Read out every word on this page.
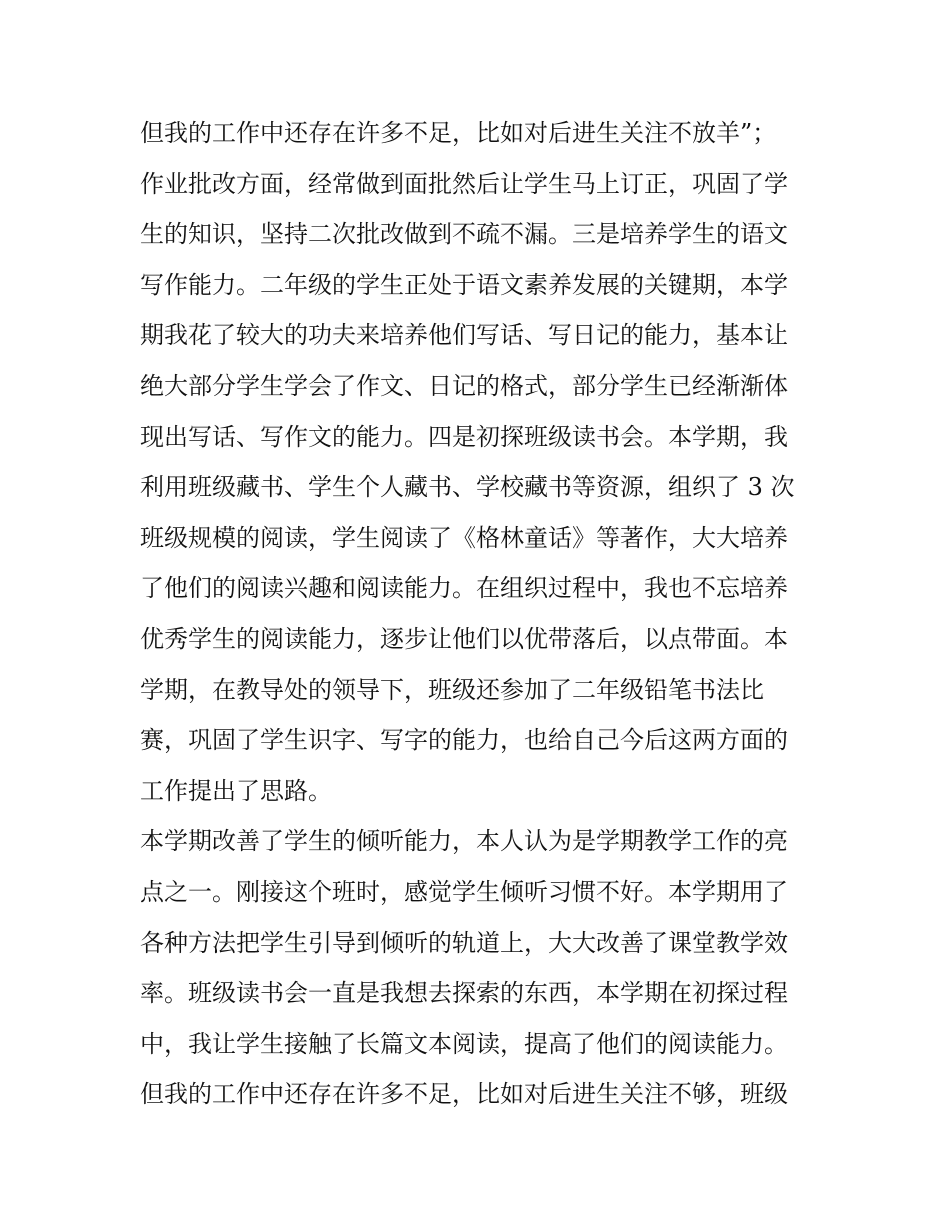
但我的工作中还存在许多不足，比如对后进生关注不放羊”；

作业批改方面，经常做到面批然后让学生马上订正，巩固了学

生的知识，坚持二次批改做到不疏不漏。三是培养学生的语文

写作能力。二年级的学生正处于语文素养发展的关键期，本学

期我花了较大的功夫来培养他们写话、写日记的能力，基本让

绝大部分学生学会了作文、日记的格式，部分学生已经渐渐体

现出写话、写作文的能力。四是初探班级读书会。本学期，我

利用班级藏书、学生个人藏书、学校藏书等资源，组织了 3 次

班级规模的阅读，学生阅读了《格林童话》等著作，大大培养

了他们的阅读兴趣和阅读能力。在组织过程中，我也不忘培养

优秀学生的阅读能力，逐步让他们以优带落后，以点带面。本

学期，在教导处的领导下，班级还参加了二年级铅笔书法比

赛，巩固了学生识字、写字的能力，也给自己今后这两方面的

工作提出了思路。

本学期改善了学生的倾听能力，本人认为是学期教学工作的亮

点之一。刚接这个班时，感觉学生倾听习惯不好。本学期用了

各种方法把学生引导到倾听的轨道上，大大改善了课堂教学效

率。班级读书会一直是我想去探索的东西，本学期在初探过程

中，我让学生接触了长篇文本阅读，提高了他们的阅读能力。

但我的工作中还存在许多不足，比如对后进生关注不够，班级
